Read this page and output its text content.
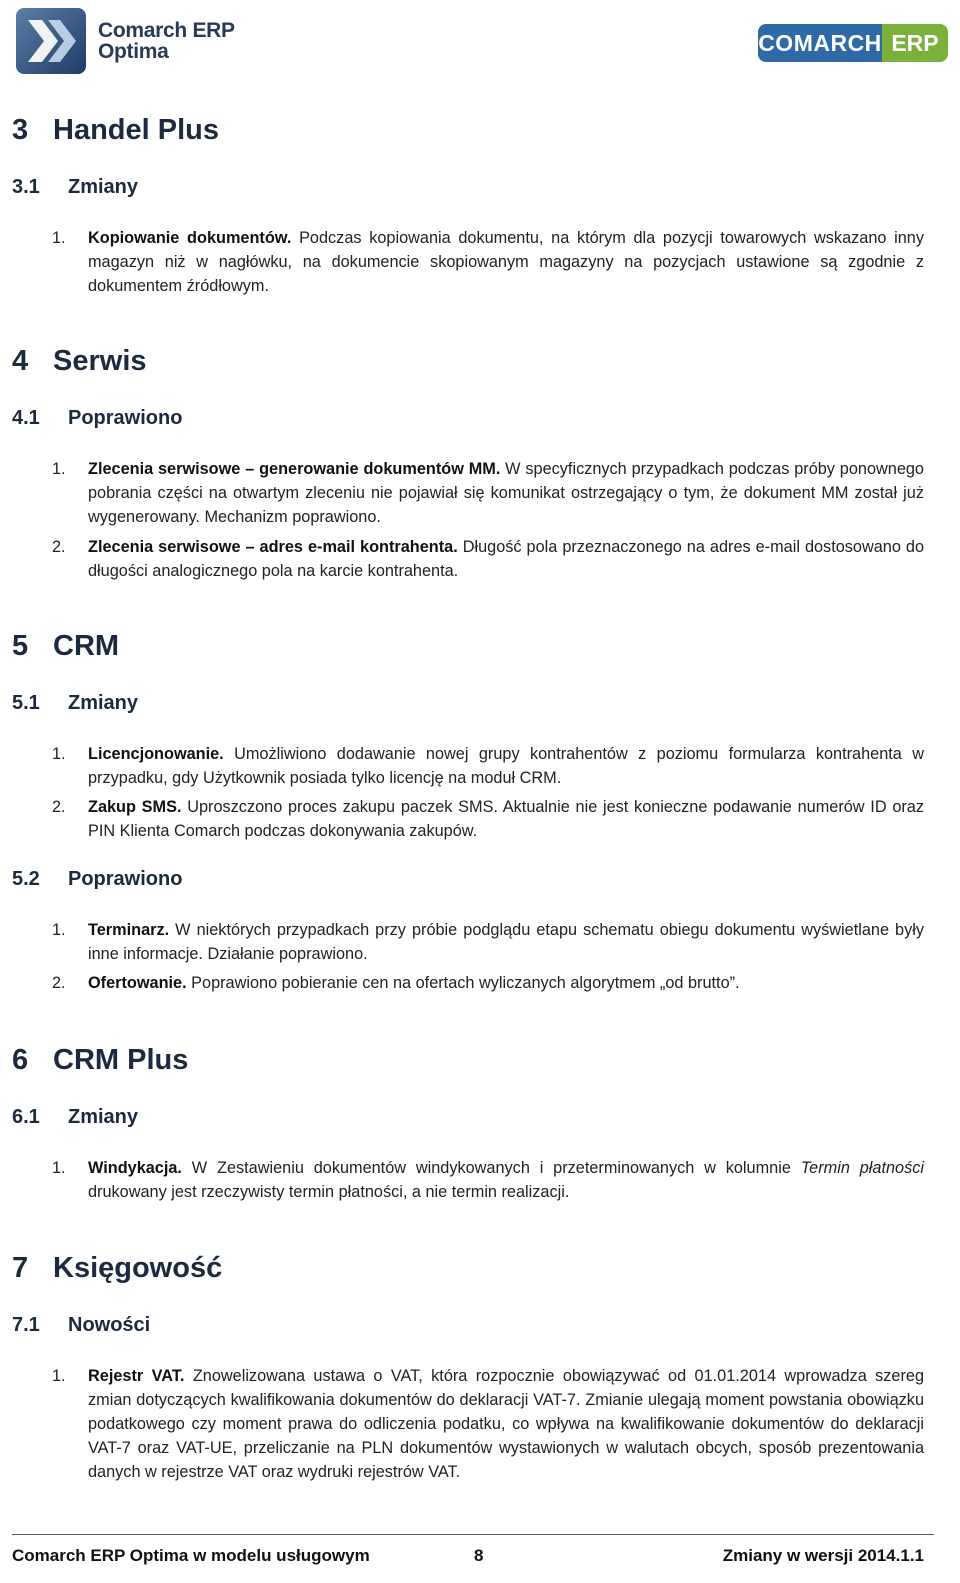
Comarch ERP
Optima	COMARCH ERP
3 Handel Plus
3.1 Zmiany
1. Kopiowanie dokumentów. Podczas kopiowania dokumentu, na którym dla pozycji towarowych wskazano inny magazyn niż w nagłówku, na dokumencie skopiowanym magazyny na pozycjach ustawione są zgodnie z dokumentem źródłowym.
4 Serwis
4.1 Poprawiono
1. Zlecenia serwisowe – generowanie dokumentów MM. W specyficznych przypadkach podczas próby ponownego pobrania części na otwartym zleceniu nie pojawiał się komunikat ostrzegający o tym, że dokument MM został już wygenerowany. Mechanizm poprawiono.
2. Zlecenia serwisowe – adres e-mail kontrahenta. Długość pola przeznaczonego na adres e-mail dostosowano do długości analogicznego pola na karcie kontrahenta.
5 CRM
5.1 Zmiany
1. Licencjonowanie. Umożliwiono dodawanie nowej grupy kontrahentów z poziomu formularza kontrahenta w przypadku, gdy Użytkownik posiada tylko licencję na moduł CRM.
2. Zakup SMS. Uproszczono proces zakupu paczek SMS. Aktualnie nie jest konieczne podawanie numerów ID oraz PIN Klienta Comarch podczas dokonywania zakupów.
5.2 Poprawiono
1. Terminarz. W niektórych przypadkach przy próbie podglądu etapu schematu obiegu dokumentu wyświetlane były inne informacje. Działanie poprawiono.
2. Ofertowanie. Poprawiono pobieranie cen na ofertach wyliczanych algorytmem „od brutto”.
6 CRM Plus
6.1 Zmiany
1. Windykacja. W Zestawieniu dokumentów windykowanych i przeterminowanych w kolumnie Termin płatności drukowany jest rzeczywisty termin płatności, a nie termin realizacji.
7 Księgowość
7.1 Nowości
1. Rejestr VAT. Znowelizowana ustawa o VAT, która rozpocznie obowiązywać od 01.01.2014 wprowadza szereg zmian dotyczących kwalifikowania dokumentów do deklaracji VAT-7. Zmianie ulegają moment powstania obowiązku podatkowego czy moment prawa do odliczenia podatku, co wpływa na kwalifikowanie dokumentów do deklaracji VAT-7 oraz VAT-UE, przeliczanie na PLN dokumentów wystawionych w walutach obcych, sposób prezentowania danych w rejestrze VAT oraz wydruki rejestrów VAT.
Comarch ERP Optima w modelu usługowym	8	Zmiany w wersji 2014.1.1
